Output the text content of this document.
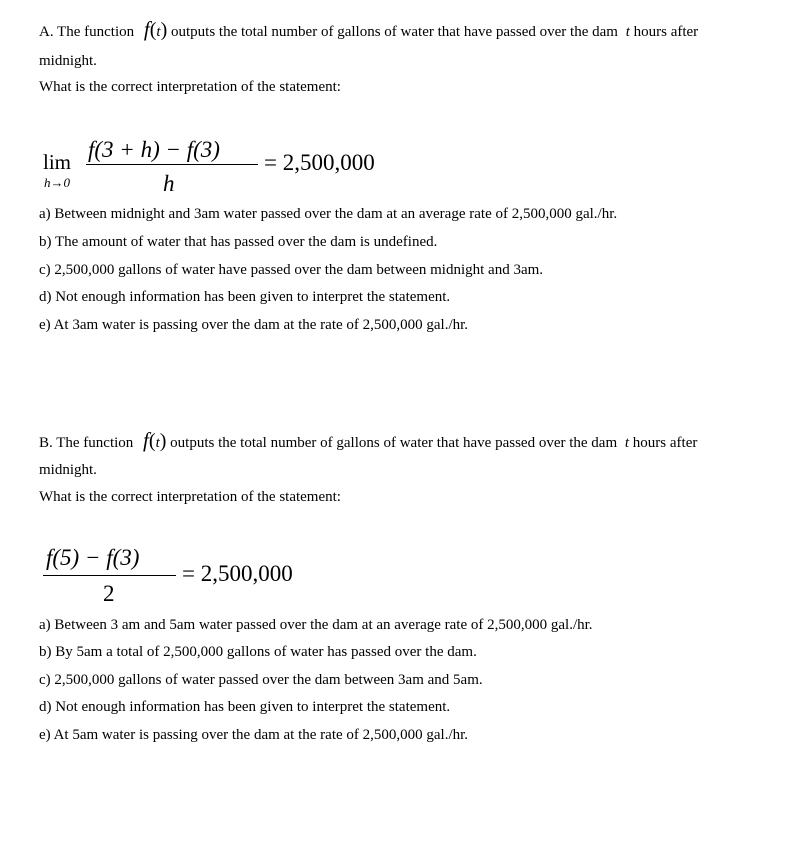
A. The function f(t) outputs the total number of gallons of water that have passed over the dam t hours after
midnight.
What is the correct interpretation of the statement:
lim
h→0
f(3 + h) − f(3)
h
= 2,500,000
a) Between midnight and 3am water passed over the dam at an average rate of 2,500,000 gal./hr.
b) The amount of water that has passed over the dam is undefined.
c) 2,500,000 gallons of water have passed over the dam between midnight and 3am.
d) Not enough information has been given to interpret the statement.
e) At 3am water is passing over the dam at the rate of 2,500,000 gal./hr.
B. The function f(t) outputs the total number of gallons of water that have passed over the dam t hours after
midnight.
What is the correct interpretation of the statement:
f(5) − f(3)
2
= 2,500,000
a) Between 3 am and 5am water passed over the dam at an average rate of 2,500,000 gal./hr.
b) By 5am a total of 2,500,000 gallons of water has passed over the dam.
c) 2,500,000 gallons of water passed over the dam between 3am and 5am.
d) Not enough information has been given to interpret the statement.
e) At 5am water is passing over the dam at the rate of 2,500,000 gal./hr.
